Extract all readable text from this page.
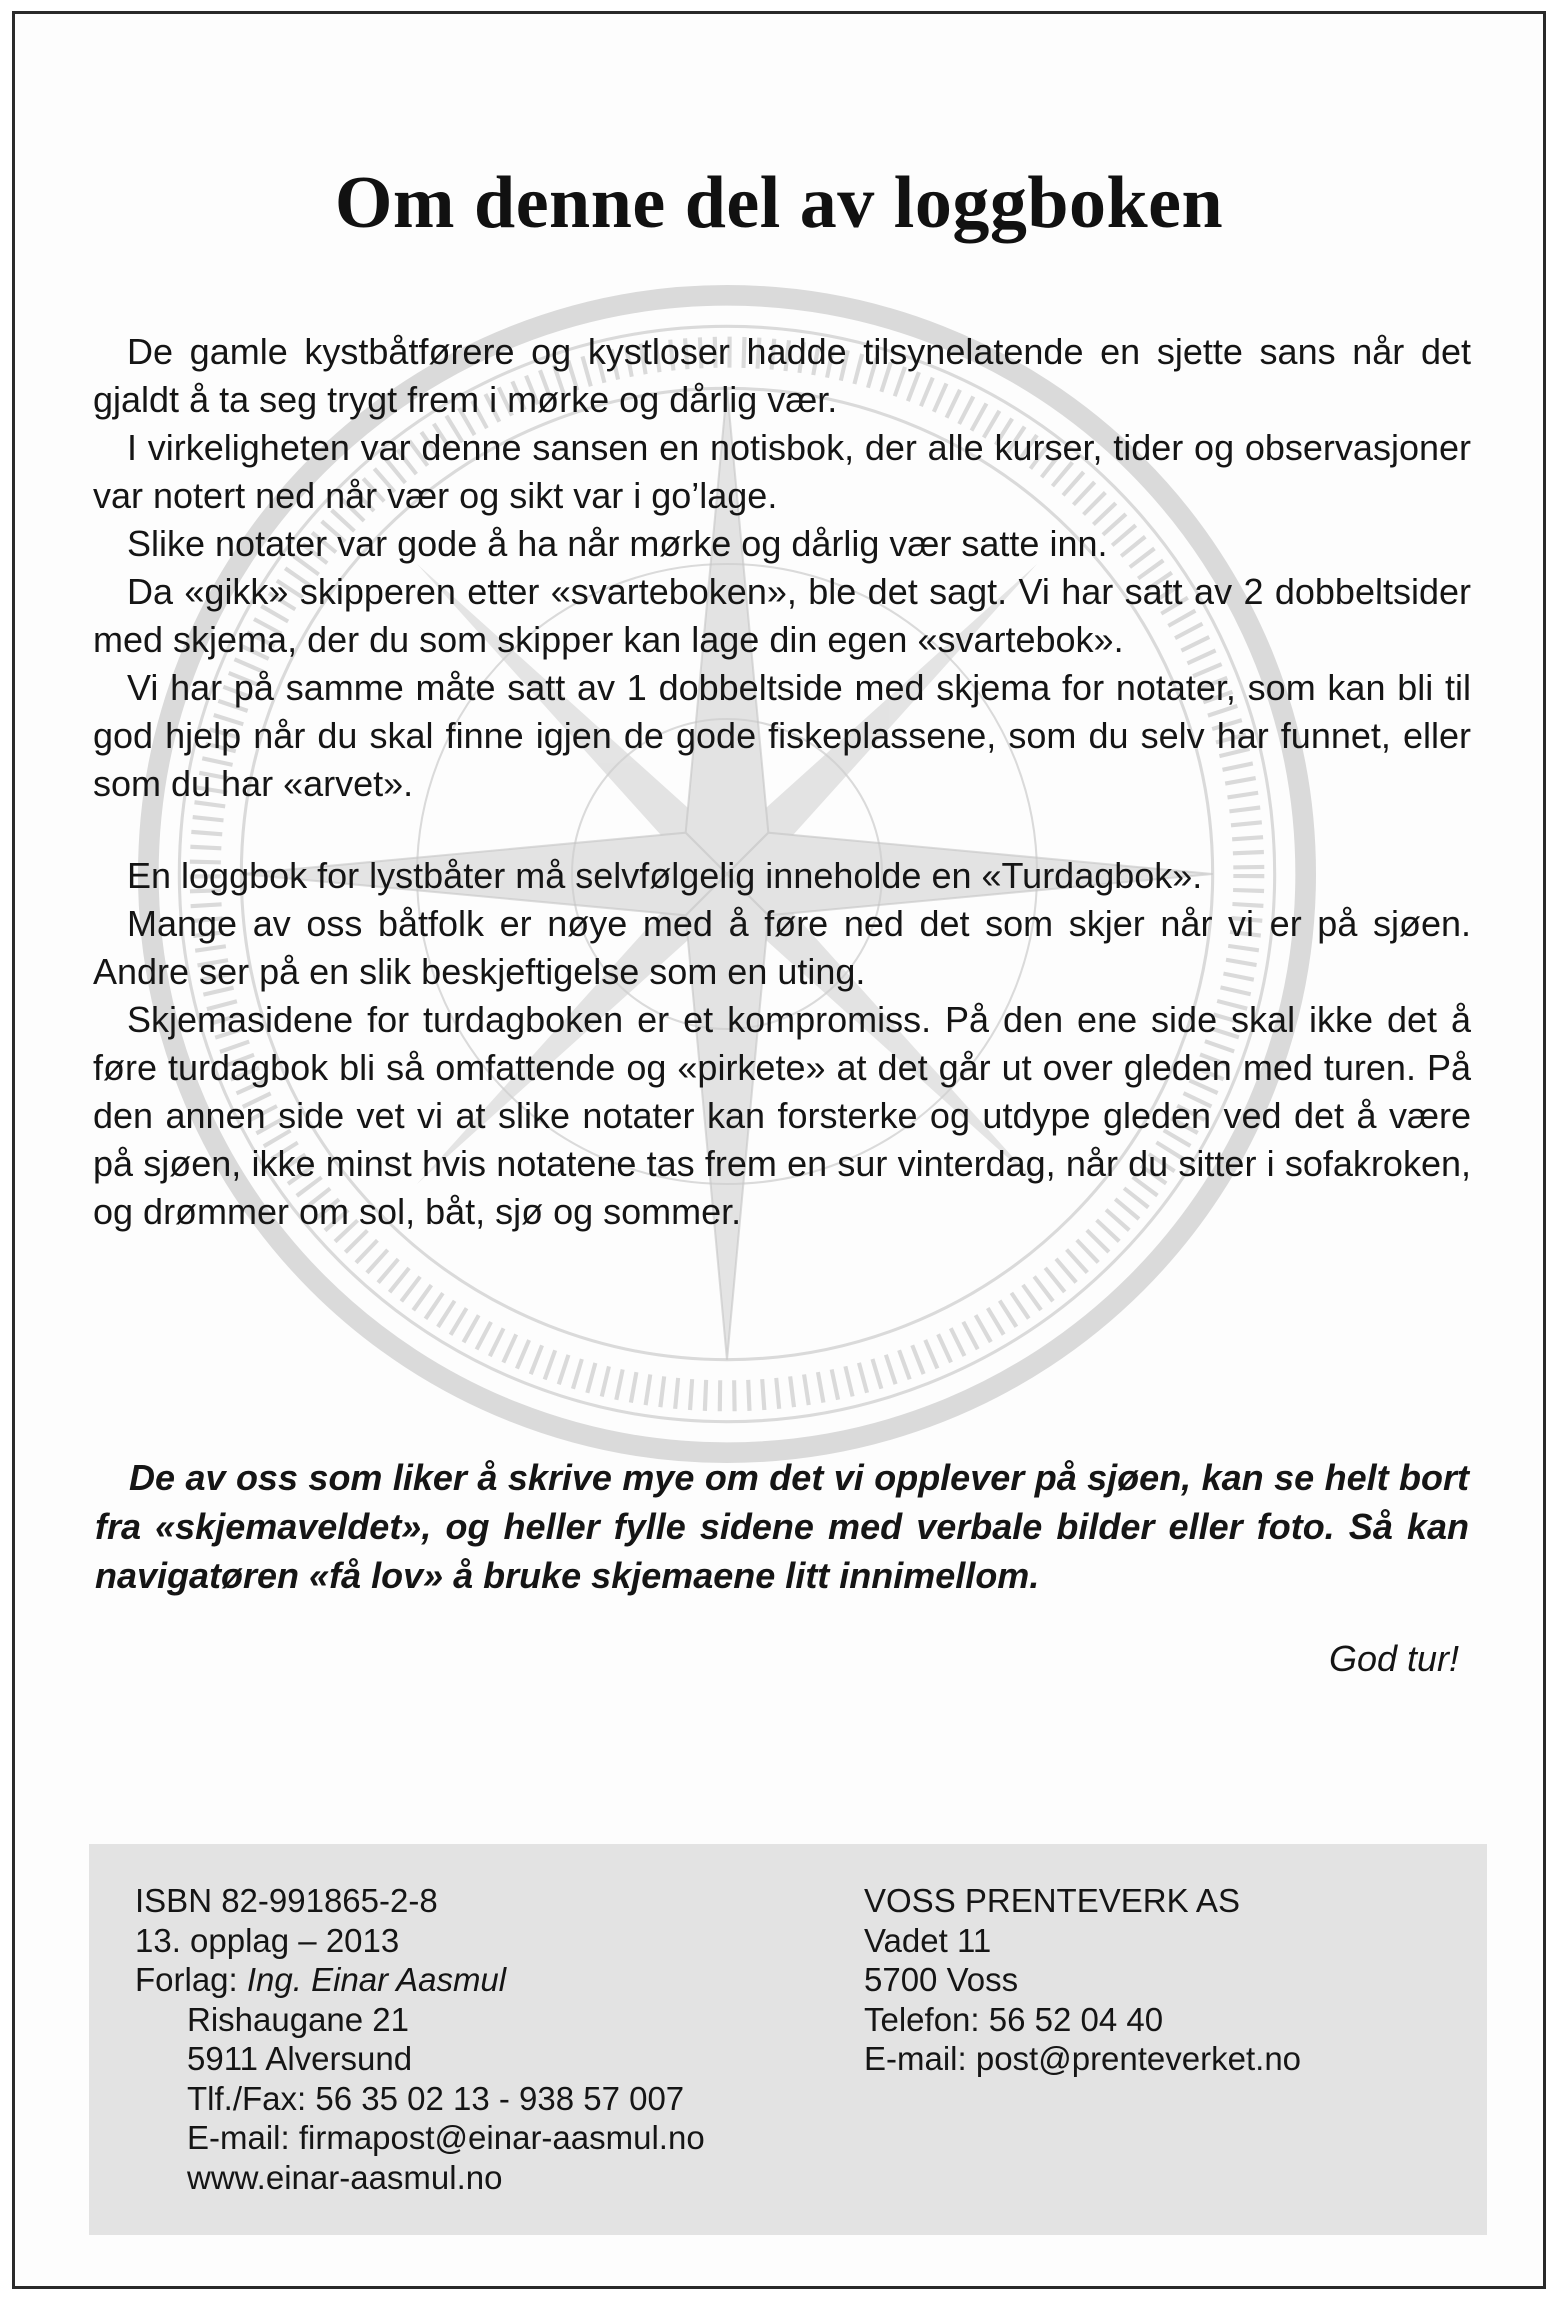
Om denne del av loggboken

De gamle kystbåtførere og kystloser hadde tilsynelatende en sjette sans når det gjaldt å ta seg trygt frem i mørke og dårlig vær.

I virkeligheten var denne sansen en notisbok, der alle kurser, tider og observasjoner var notert ned når vær og sikt var i go’lage.

Slike notater var gode å ha når mørke og dårlig vær satte inn.

Da «gikk» skipperen etter «svarteboken», ble det sagt. Vi har satt av 2 dobbeltsider med skjema, der du som skipper kan lage din egen «svartebok».

Vi har på samme måte satt av 1 dobbeltside med skjema for notater, som kan bli til god hjelp når du skal finne igjen de gode fiskeplassene, som du selv har funnet, eller som du har «arvet».

En loggbok for lystbåter må selvfølgelig inneholde en «Turdagbok».

Mange av oss båtfolk er nøye med å føre ned det som skjer når vi er på sjøen. Andre ser på en slik beskjeftigelse som en uting.

Skjemasidene for turdagboken er et kompromiss. På den ene side skal ikke det å føre turdagbok bli så omfattende og «pirkete» at det går ut over gleden med turen. På den annen side vet vi at slike notater kan forsterke og utdype gleden ved det å være på sjøen, ikke minst hvis notatene tas frem en sur vinterdag, når du sitter i sofakroken, og drømmer om sol, båt, sjø og sommer.

De av oss som liker å skrive mye om det vi opplever på sjøen, kan se helt bort fra «skjemaveldet», og heller fylle sidene med verbale bilder eller foto. Så kan navigatøren «få lov» å bruke skjemaene litt innimellom.

God tur!
ISBN 82-991865-2-8
13. opplag – 2013
Forlag: Ing. Einar Aasmul
Rishaugane 21
5911 Alversund
Tlf./Fax: 56 35 02 13 - 938 57 007
E-mail: firmapost@einar-aasmul.no
www.einar-aasmul.no
VOSS PRENTEVERK AS
Vadet 11
5700 Voss
Telefon: 56 52 04 40
E-mail: post@prenteverket.no
